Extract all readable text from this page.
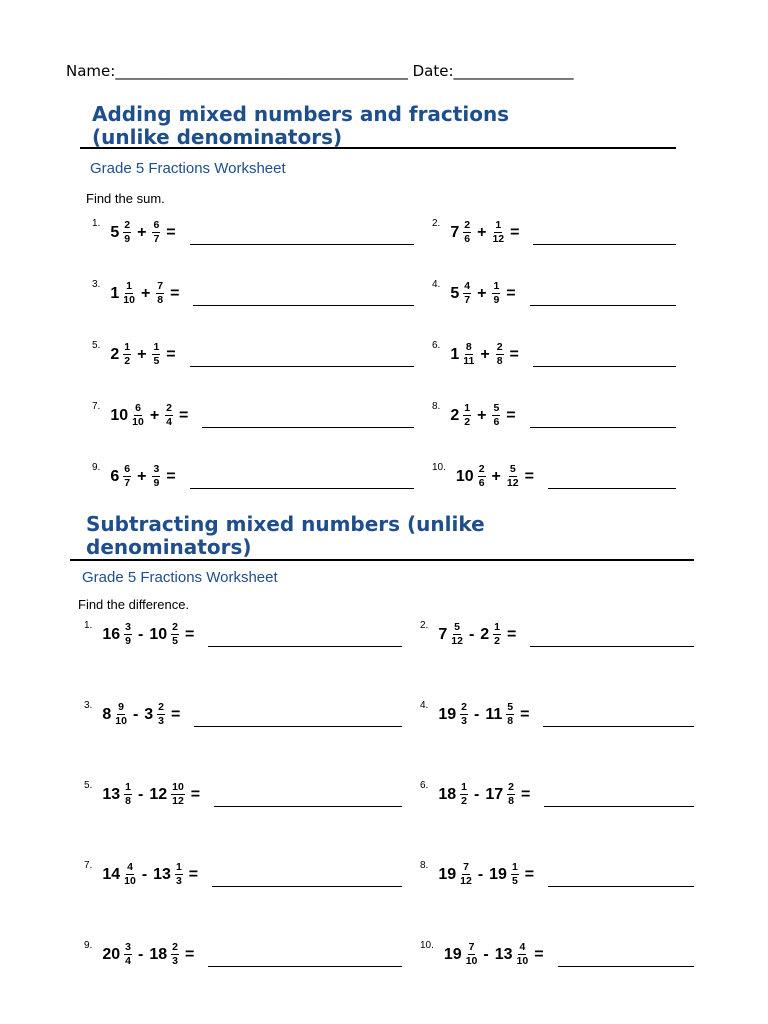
Name:_______________________________________ Date:________________
Adding mixed numbers and fractions
(unlike denominators)
Grade 5 Fractions Worksheet
Find the sum.
1. $5 \frac{2}{9} + \frac{6}{7}$ =	2. $7 \frac{2}{6} + \frac{1}{12}$ =
3. $1 \frac{1}{10} + \frac{7}{8}$ =	4. $5 \frac{4}{7} + \frac{1}{9}$ =
5. $2 \frac{1}{2} + \frac{1}{5}$ =	6. $1 \frac{8}{11} + \frac{2}{8}$ =
7. $10 \frac{6}{10} + \frac{2}{4}$ =	8. $2 \frac{1}{2} + \frac{5}{6}$ =
9. $6 \frac{6}{7} + \frac{3}{9}$ =	10. $10 \frac{2}{6} + \frac{5}{12}$ =
Subtracting mixed numbers (unlike
denominators)
Grade 5 Fractions Worksheet
Find the difference.
1. $16 \frac{3}{9} - 10 \frac{2}{5}$ =	2. $7 \frac{5}{12} - 2 \frac{1}{2}$ =
3. $8 \frac{9}{10} - 3 \frac{2}{3}$ =	4. $19 \frac{2}{3} - 11 \frac{5}{8}$ =
5. $13 \frac{1}{8} - 12 \frac{10}{12}$ =	6. $18 \frac{1}{2} - 17 \frac{2}{8}$ =
7. $14 \frac{4}{10} - 13 \frac{1}{3}$ =	8. $19 \frac{7}{12} - 19 \frac{1}{5}$ =
9. $20 \frac{3}{4} - 18 \frac{2}{3}$ =	10. $19 \frac{7}{10} - 13 \frac{4}{10}$ =
